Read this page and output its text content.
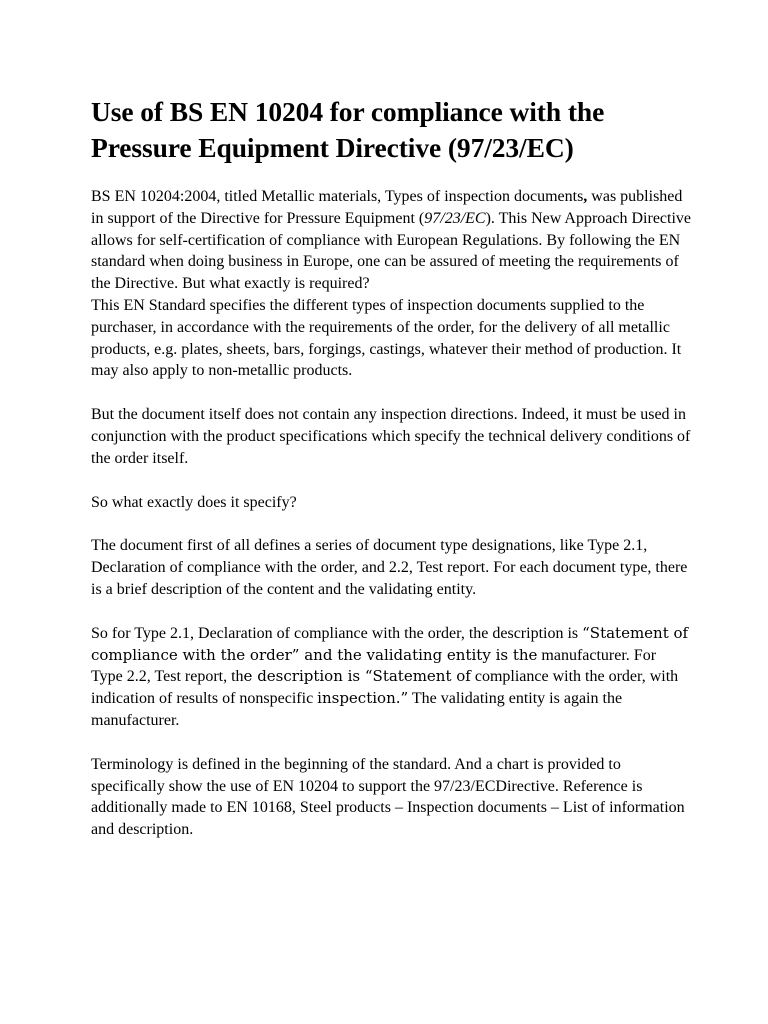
Use of BS EN 10204 for compliance with the Pressure Equipment Directive (97/23/EC)

BS EN 10204:2004, titled Metallic materials, Types of inspection documents, was published in support of the Directive for Pressure Equipment (97/23/EC). This New Approach Directive allows for self-certification of compliance with European Regulations. By following the EN standard when doing business in Europe, one can be assured of meeting the requirements of the Directive. But what exactly is required?

This EN Standard specifies the different types of inspection documents supplied to the purchaser, in accordance with the requirements of the order, for the delivery of all metallic products, e.g. plates, sheets, bars, forgings, castings, whatever their method of production. It may also apply to non-metallic products.

But the document itself does not contain any inspection directions. Indeed, it must be used in conjunction with the product specifications which specify the technical delivery conditions of the order itself.

So what exactly does it specify?

The document first of all defines a series of document type designations, like Type 2.1, Declaration of compliance with the order, and 2.2, Test report. For each document type, there is a brief description of the content and the validating entity.

So for Type 2.1, Declaration of compliance with the order, the description is “Statement of compliance with the order” and the validating entity is the manufacturer. For Type 2.2, Test report, the description is “Statement of compliance with the order, with indication of results of nonspecific inspection.” The validating entity is again the manufacturer.

Terminology is defined in the beginning of the standard. And a chart is provided to specifically show the use of EN 10204 to support the 97/23/ECDirective. Reference is additionally made to EN 10168, Steel products – Inspection documents – List of information and description.
